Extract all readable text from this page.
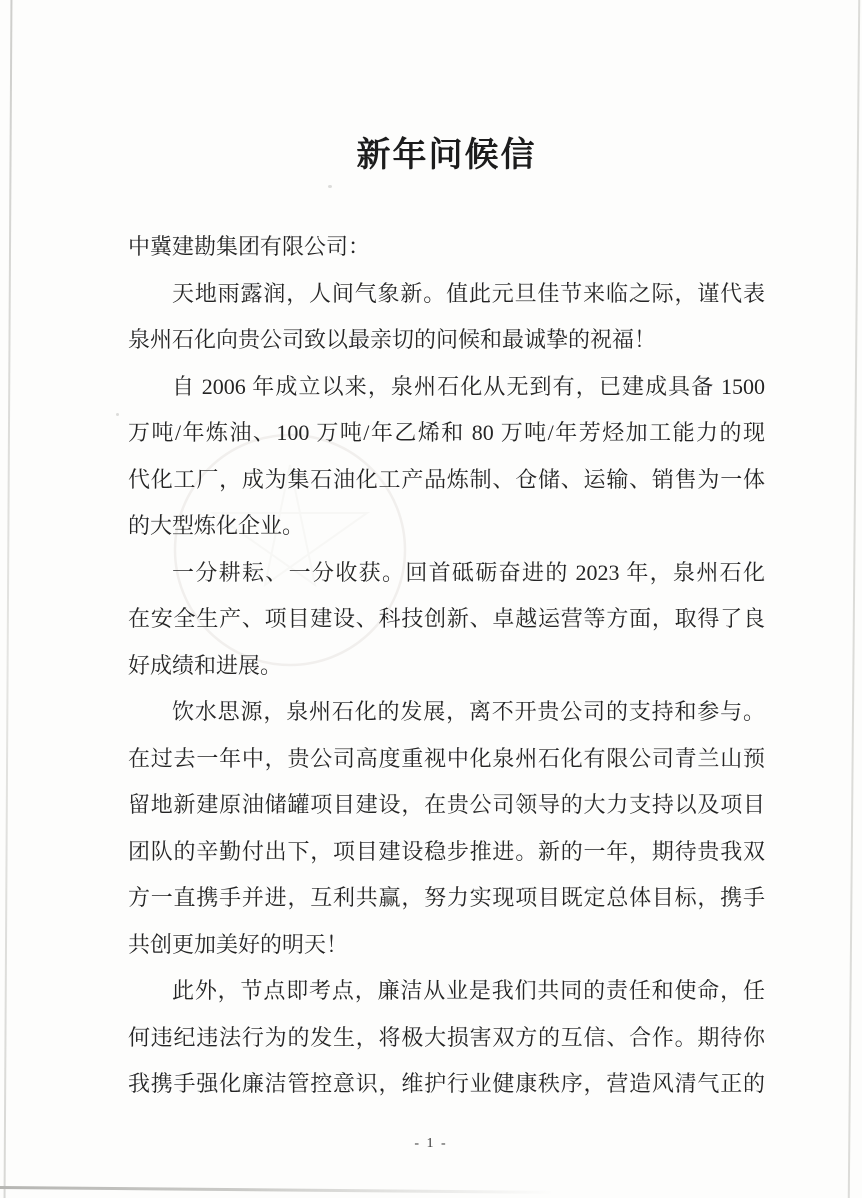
新年问候信
中冀建勘集团有限公司：
天地雨露润，人间气象新。值此元旦佳节来临之际，谨代表
泉州石化向贵公司致以最亲切的问候和最诚挚的祝福！
自 2006 年成立以来，泉州石化从无到有，已建成具备 1500
万吨/年炼油、100 万吨/年乙烯和 80 万吨/年芳烃加工能力的现
代化工厂，成为集石油化工产品炼制、仓储、运输、销售为一体
的大型炼化企业。
一分耕耘、一分收获。回首砥砺奋进的 2023 年，泉州石化
在安全生产、项目建设、科技创新、卓越运营等方面，取得了良
好成绩和进展。
饮水思源，泉州石化的发展，离不开贵公司的支持和参与。
在过去一年中，贵公司高度重视中化泉州石化有限公司青兰山预
留地新建原油储罐项目建设，在贵公司领导的大力支持以及项目
团队的辛勤付出下，项目建设稳步推进。新的一年，期待贵我双
方一直携手并进，互利共赢，努力实现项目既定总体目标，携手
共创更加美好的明天！
此外，节点即考点，廉洁从业是我们共同的责任和使命，任
何违纪违法行为的发生，将极大损害双方的互信、合作。期待你
我携手强化廉洁管控意识，维护行业健康秩序，营造风清气正的
- 1 -
